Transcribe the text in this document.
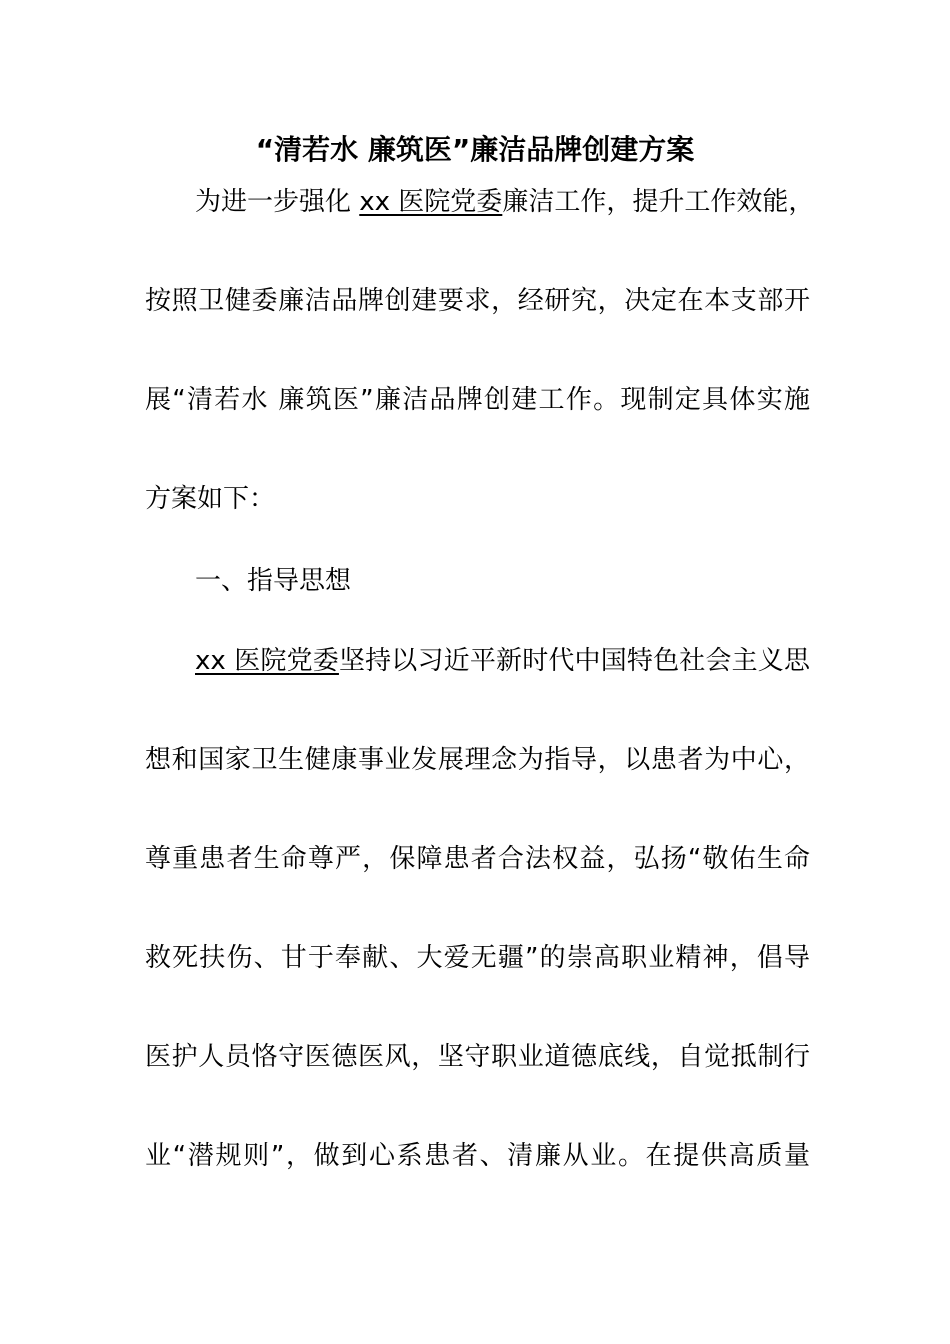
“清若水 廉筑医”廉洁品牌创建方案
为进一步强化 xx 医院党委廉洁工作，提升工作效能，
按照卫健委廉洁品牌创建要求，经研究，决定在本支部开
展“清若水 廉筑医”廉洁品牌创建工作。现制定具体实施
方案如下：
一、指导思想
xx 医院党委坚持以习近平新时代中国特色社会主义思
想和国家卫生健康事业发展理念为指导，以患者为中心，
尊重患者生命尊严，保障患者合法权益，弘扬“敬佑生命
救死扶伤、甘于奉献、大爱无疆”的崇高职业精神，倡导
医护人员恪守医德医风，坚守职业道德底线，自觉抵制行
业“潜规则”，做到心系患者、清廉从业。在提供高质量
